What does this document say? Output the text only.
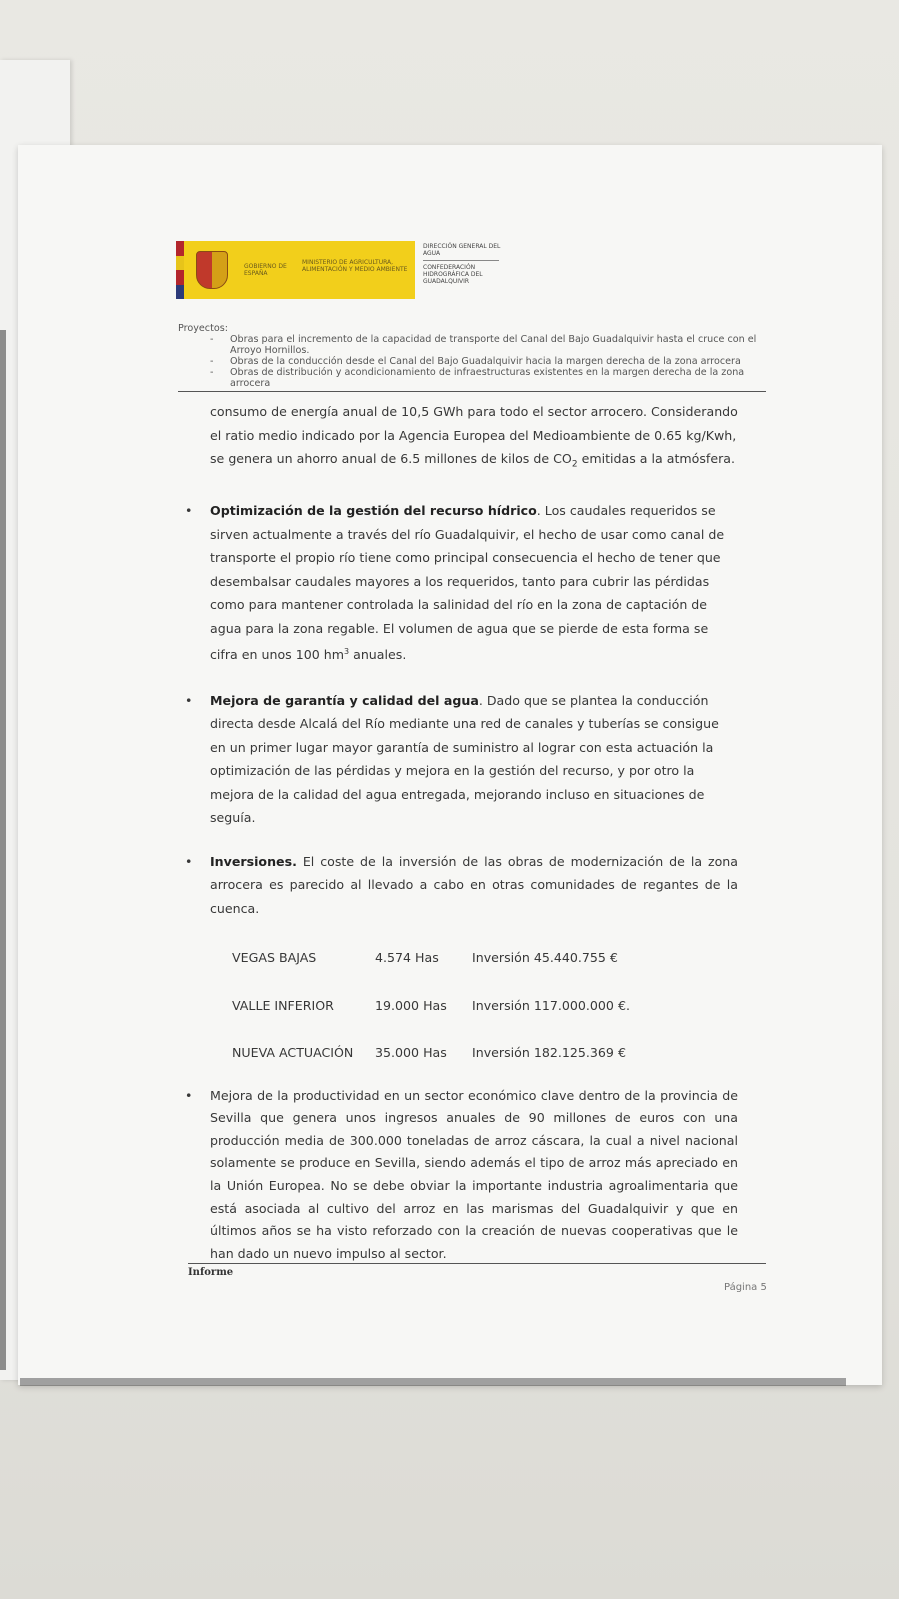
GOBIERNO DE ESPAÑA
MINISTERIO DE AGRICULTURA, ALIMENTACIÓN Y MEDIO AMBIENTE
DIRECCIÓN GENERAL DEL AGUA
CONFEDERACIÓN HIDROGRÁFICA DEL GUADALQUIVIR
Proyectos:
- Obras para el incremento de la capacidad de transporte del Canal del Bajo Guadalquivir hasta el cruce con el Arroyo Hornillos.
- Obras de la conducción desde el Canal del Bajo Guadalquivir hacia la margen derecha de la zona arrocera
- Obras de distribución y acondicionamiento de infraestructuras existentes en la margen derecha de la zona arrocera

consumo de energía anual de 10,5 GWh para todo el sector arrocero. Considerando el ratio medio indicado por la Agencia Europea del Medioambiente de 0.65 kg/Kwh, se genera un ahorro anual de 6.5 millones de kilos de $CO_2$ emitidas a la atmósfera.

• Optimización de la gestión del recurso hídrico. Los caudales requeridos se sirven actualmente a través del río Guadalquivir, el hecho de usar como canal de transporte el propio río tiene como principal consecuencia el hecho de tener que desembalsar caudales mayores a los requeridos, tanto para cubrir las pérdidas como para mantener controlada la salinidad del río en la zona de captación de agua para la zona regable. El volumen de agua que se pierde de esta forma se cifra en unos 100 $hm^3$ anuales.
• Mejora de garantía y calidad del agua. Dado que se plantea la conducción directa desde Alcalá del Río mediante una red de canales y tuberías se consigue en un primer lugar mayor garantía de suministro al lograr con esta actuación la optimización de las pérdidas y mejora en la gestión del recurso, y por otro la mejora de la calidad del agua entregada, mejorando incluso en situaciones de seguía.
• Inversiones. El coste de la inversión de las obras de modernización de la zona arrocera es parecido al llevado a cabo en otras comunidades de regantes de la cuenca.
VEGAS BAJAS	4.574 Has	Inversión 45.440.755 €
VALLE INFERIOR	19.000 Has	Inversión 117.000.000 €.
NUEVA ACTUACIÓN	35.000 Has	Inversión 182.125.369 €
• Mejora de la productividad en un sector económico clave dentro de la provincia de Sevilla que genera unos ingresos anuales de 90 millones de euros con una producción media de 300.000 toneladas de arroz cáscara, la cual a nivel nacional solamente se produce en Sevilla, siendo además el tipo de arroz más apreciado en la Unión Europea. No se debe obviar la importante industria agroalimentaria que está asociada al cultivo del arroz en las marismas del Guadalquivir y que en últimos años se ha visto reforzado con la creación de nuevas cooperativas que le han dado un nuevo impulso al sector.
Informe
Página 5
